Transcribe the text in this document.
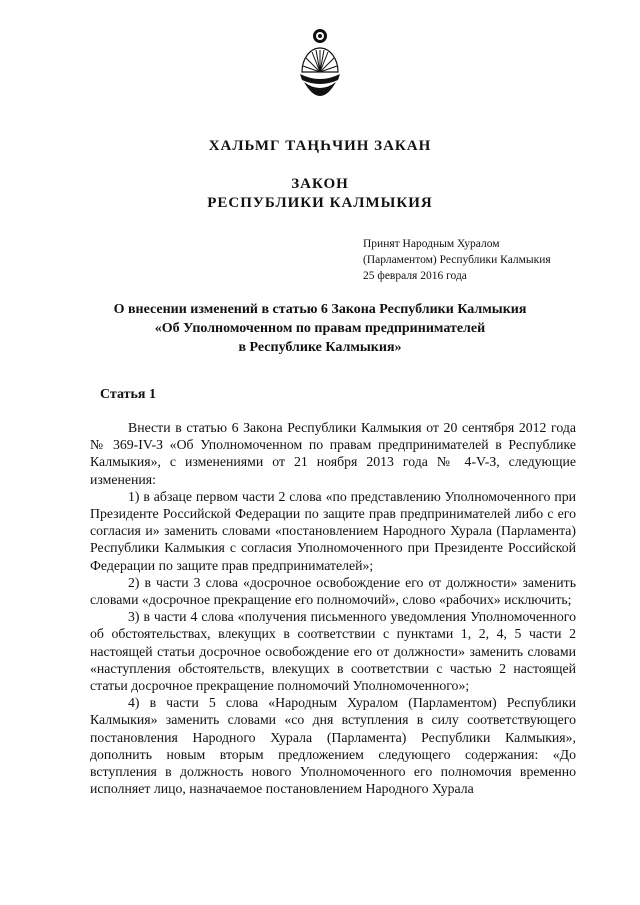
ХАЛЬМГ ТАҢҺЧИН ЗАКАН
ЗАКОН
РЕСПУБЛИКИ КАЛМЫКИЯ
Принят Народным Хуралом
(Парламентом) Республики Калмыкия
25 февраля 2016 года
О внесении изменений в статью 6 Закона Республики Калмыкия
«Об Уполномоченном по правам предпринимателей
в Республике Калмыкия»
Статья 1

Внести в статью 6 Закона Республики Калмыкия от 20 сентября 2012 года № 369-IV-З «Об Уполномоченном по правам предпринимателей в Республике Калмыкия», с изменениями от 21 ноября 2013 года № 4-V-З, следующие изменения:

1) в абзаце первом части 2 слова «по представлению Уполномоченного при Президенте Российской Федерации по защите прав предпринимателей либо с его согласия и» заменить словами «постановлением Народного Хурала (Парламента) Республики Калмыкия с согласия Уполномоченного при Президенте Российской Федерации по защите прав предпринимателей»;

2) в части 3 слова «досрочное освобождение его от должности» заменить словами «досрочное прекращение его полномочий», слово «рабочих» исключить;

3) в части 4 слова «получения письменного уведомления Уполномоченного об обстоятельствах, влекущих в соответствии с пунктами 1, 2, 4, 5 части 2 настоящей статьи досрочное освобождение его от должности» заменить словами «наступления обстоятельств, влекущих в соответствии с частью 2 настоящей статьи досрочное прекращение полномочий Уполномоченного»;

4) в части 5 слова «Народным Хуралом (Парламентом) Республики Калмыкия» заменить словами «со дня вступления в силу соответствующего постановления Народного Хурала (Парламента) Республики Калмыкия», дополнить новым вторым предложением следующего содержания: «До вступления в должность нового Уполномоченного его полномочия временно исполняет лицо, назначаемое постановлением Народного Хурала
